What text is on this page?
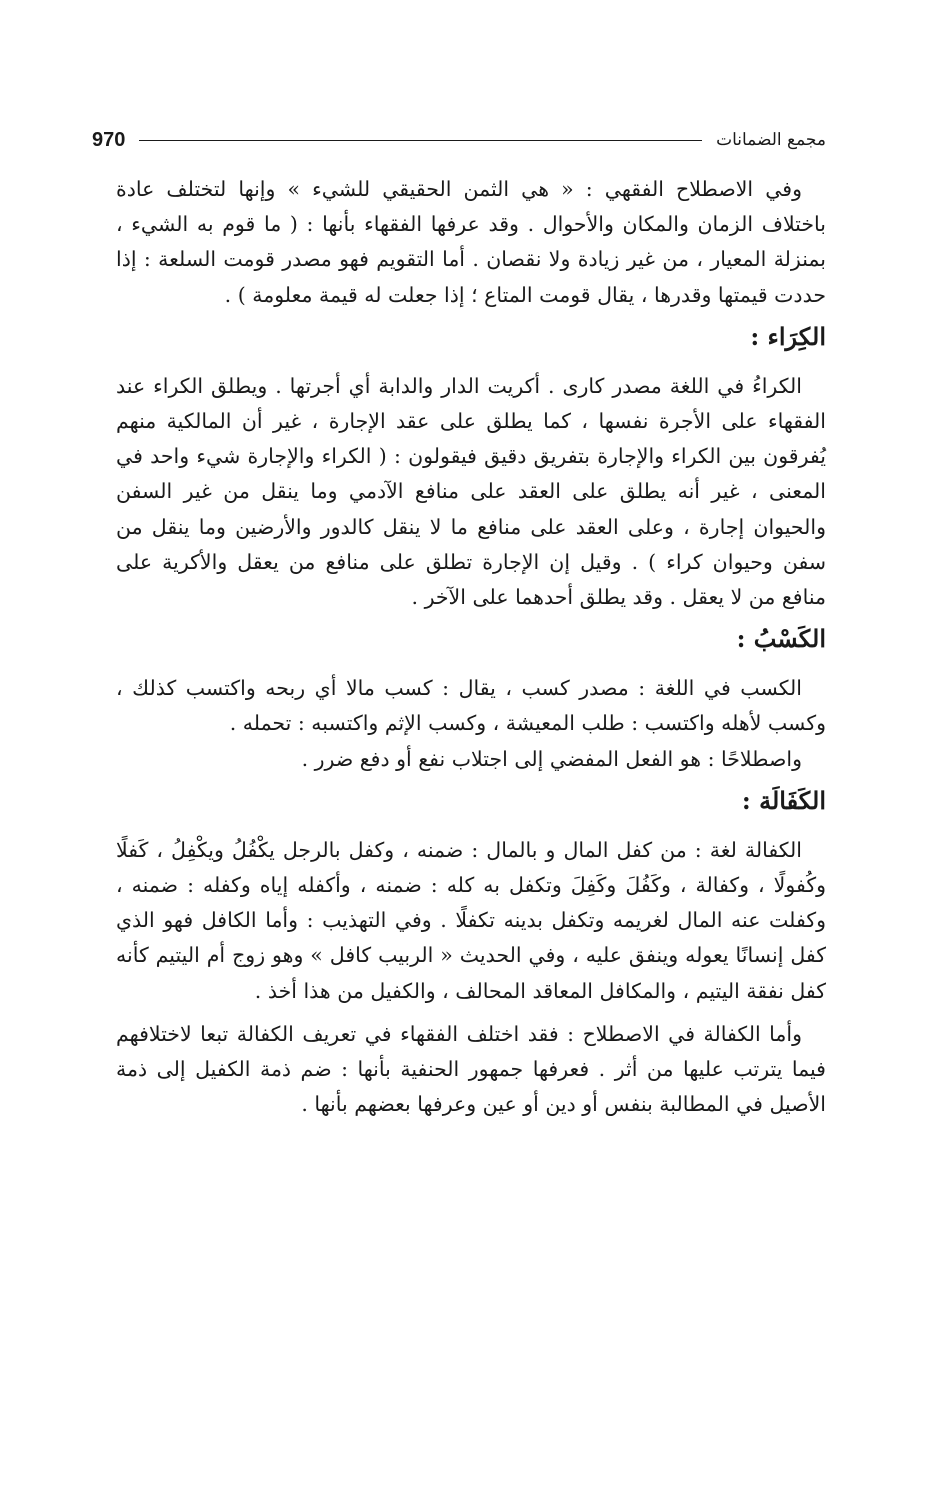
970	مجمع الضمانات

وفي الاصطلاح الفقهي : « هي الثمن الحقيقي للشيء » وإنها لتختلف عادة باختلاف الزمان والمكان والأحوال . وقد عرفها الفقهاء بأنها : ( ما قوم به الشيء ، بمنزلة المعيار ، من غير زيادة ولا نقصان . أما التقويم فهو مصدر قومت السلعة : إذا حددت قيمتها وقدرها ، يقال قومت المتاع ؛ إذا جعلت له قيمة معلومة ) .

الكِرَاء :

الكراءُ في اللغة مصدر كارى . أكريت الدار والدابة أي أجرتها . ويطلق الكراء عند الفقهاء على الأجرة نفسها ، كما يطلق على عقد الإجارة ، غير أن المالكية منهم يُفرقون بين الكراء والإجارة بتفريق دقيق فيقولون : ( الكراء والإجارة شيء واحد في المعنى ، غير أنه يطلق على العقد على منافع الآدمي وما ينقل من غير السفن والحيوان إجارة ، وعلى العقد على منافع ما لا ينقل كالدور والأرضين وما ينقل من سفن وحيوان كراء ) . وقيل إن الإجارة تطلق على منافع من يعقل والأكرية على منافع من لا يعقل . وقد يطلق أحدهما على الآخر .

الكَسْبُ :

الكسب في اللغة : مصدر كسب ، يقال : كسب مالا أي ربحه واكتسب كذلك ، وكسب لأهله واكتسب : طلب المعيشة ، وكسب الإثم واكتسبه : تحمله .

واصطلاحًا : هو الفعل المفضي إلى اجتلاب نفع أو دفع ضرر .

الكَفَالَة :

الكفالة لغة : من كفل المال و بالمال : ضمنه ، وكفل بالرجل يكْفُلُ ويكْفِلُ ، كَفلًا وكُفولًا ، وكفالة ، وكَفُلَ وكَفِلَ وتكفل به كله : ضمنه ، وأكفله إياه وكفله : ضمنه ، وكفلت عنه المال لغريمه وتكفل بدينه تكفلًا . وفي التهذيب : وأما الكافل فهو الذي كفل إنسانًا يعوله وينفق عليه ، وفي الحديث « الربيب كافل » وهو زوج أم اليتيم كأنه كفل نفقة اليتيم ، والمكافل المعاقد المحالف ، والكفيل من هذا أخذ .

وأما الكفالة في الاصطلاح : فقد اختلف الفقهاء في تعريف الكفالة تبعا لاختلافهم فيما يترتب عليها من أثر . فعرفها جمهور الحنفية بأنها : ضم ذمة الكفيل إلى ذمة الأصيل في المطالبة بنفس أو دين أو عين وعرفها بعضهم بأنها .
